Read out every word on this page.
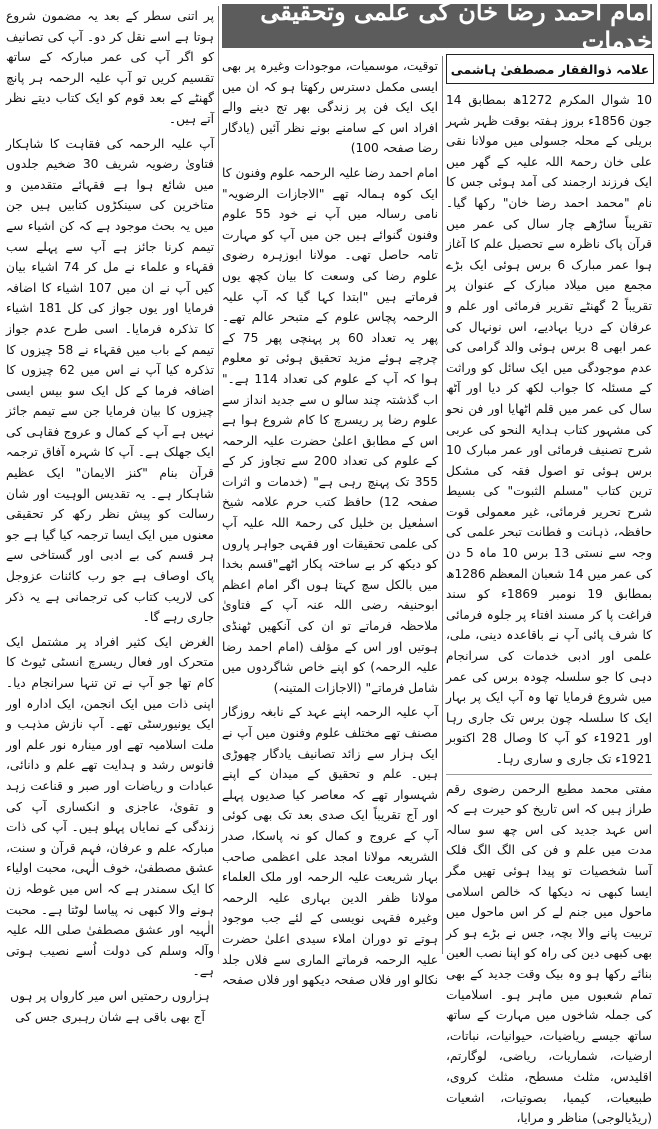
امام احمد رضا خان کی علمی وتحقیقی خدمات
علامہ ذوالفقار مصطفیٰ ہاشمی

10 شوال المکرم 1272ھ بمطابق 14 جون 1856ء بروز ہفتہ بوقت ظہر شہر بریلی کے محلہ جسولی میں مولانا نقی علی خان رحمۃ اللہ علیہ کے گھر میں ایک فرزند ارجمند کی آمد ہوئی جس کا نام "محمد احمد رضا خان" رکھا گیا۔ تقریباً ساڑھے چار سال کی عمر میں قرآن پاک ناظرہ سے تحصیل علم کا آغاز ہوا عمر مبارک 6 برس ہوئی ایک بڑے مجمع میں میلاد مبارک کے عنوان پر تقریباً 2 گھنٹے تقریر فرمائی اور علم و عرفان کے دریا بہادیے، اس نونہال کی عمر ابھی 8 برس ہوئی والد گرامی کی عدم موجودگی میں ایک سائل کو وراثت کے مسئلہ کا جواب لکھ کر دیا اور آٹھ سال کی عمر میں قلم اٹھایا اور فن نحو کی مشہور کتاب ہدایۃ النحو کی عربی شرح تصنیف فرمائی اور عمر مبارک 10 برس ہوئی تو اصول فقہ کی مشکل ترین کتاب "مسلم الثبوت" کی بسیط شرح تحریر فرمائی، غیر معمولی قوت حافظہ، ذہانت و فطانت تبحر علمی کی وجہ سے نستی 13 برس 10 ماہ 5 دن کی عمر میں 14 شعبان المعظم 1286ھ بمطابق 19 نومبر 1869ء کو سند فراغت پا کر مسند افتاء پر جلوہ فرمائی کا شرف پائی آپ نے باقاعدہ دینی، ملی، علمی اور ادبی خدمات کی سرانجام دہی کا جو سلسلہ چودہ برس کی عمر میں شروع فرمایا تھا وہ آپ ایک پر بہار ایک کا سلسلہ چون برس تک جاری رہا اور 1921ء کو آپ کا وصال 28 اکتوبر 1921ء تک جاری و ساری رہا۔

مفتی محمد مطیع الرحمن رضوی رقم طراز ہیں کہ اس تاریخ کو حیرت ہے کہ اس عہد جدید کی اس چھ سو سالہ مدت میں علم و فن کی الگ الگ فلک آسا شخصیات تو پیدا ہوئی تھیں مگر ایسا کبھی نہ دیکھا کہ خالص اسلامی ماحول میں جنم لے کر اس ماحول میں تربیت پانے والا بچہ، جس نے بڑے ہو کر بھی کبھی دین کی راہ کو اپنا نصب العین بنائے رکھا ہو وہ بیک وقت جدید کے بھی تمام شعبوں میں ماہر ہو۔ اسلامیات کی جملہ شاخوں میں مہارت کے ساتھ ساتھ جیسے ریاضیات، حیوانیات، نباتات، ارضیات، شماریات، ریاضی، لوگارتم، اقلیدس، مثلث مسطح، مثلث کروی، طبیعیات، کیمیا، بصوتیات، اشعیات (ریڈیالوجی) مناظر و مرایا،

توقیت، موسمیات، موجودات وغیرہ پر بھی ایسی مکمل دسترس رکھتا ہو کہ ان میں ایک ایک فن پر زندگی بھر تج دینے والے افراد اس کے سامنے بونے نظر آئیں (یادگار رضا صفحہ 100)

امام احمد رضا علیہ الرحمہ علوم وفنون کا ایک کوہ ہمالہ تھے "الاجازات الرضویہ" نامی رسالہ میں آپ نے خود 55 علوم وفنون گنوائے ہیں جن میں آپ کو مہارت تامہ حاصل تھی۔ مولانا ابوزہرہ رضوی علوم رضا کی وسعت کا بیان کچھ یوں فرماتے ہیں "ابتدا کہا گیا کہ آپ علیہ الرحمہ پچاس علوم کے متبحر عالم تھے۔ پھر یہ تعداد 60 پر پہنچی پھر 75 کے چرچے ہوئے مزید تحقیق ہوئی تو معلوم ہوا کہ آپ کے علوم کی تعداد 114 ہے۔" اب گذشتہ چند سالو ں سے جدید انداز سے علوم رضا پر ریسرچ کا کام شروع ہوا ہے اس کے مطابق اعلیٰ حضرت علیہ الرحمہ کے علوم کی تعداد 200 سے تجاوز کر کے 355 تک پہنچ رہی ہے" (خدمات و اثرات صفحہ 12) حافظ کتب حرم علامہ شیخ اسمٰعیل بن خلیل کی رحمۃ اللہ علیہ آپ کی علمی تحقیقات اور فقہی جواہر پاروں کو دیکھ کر بے ساختہ پکار اٹھے"قسم بخدا میں بالکل سچ کہتا ہوں اگر امام اعظم ابوحنیفہ رضی اللہ عنہ آپ کے فتاویٰ ملاحظہ فرماتے تو ان کی آنکھیں ٹھنڈی ہوتیں اور اس کے مؤلف (امام احمد رضا علیہ الرحمہ) کو اپنے خاص شاگردوں میں شامل فرماتے" (الاجازات المتینہ)

آپ علیہ الرحمہ اپنے عہد کے نابغہ روزگار مصنف تھے مختلف علوم وفنون میں آپ نے ایک ہزار سے زائد تصانیف یادگار چھوڑی ہیں۔ علم و تحقیق کے میدان کے اپنے شہسوار تھے کہ معاصر کیا صدیوں پہلے اور آج تقریباً ایک صدی بعد تک بھی کوئی آپ کے عروج و کمال کو نہ پاسکا، صدر الشریعہ مولانا امجد علی اعظمی صاحب بہار شریعت علیہ الرحمہ اور ملک العلماء مولانا ظفر الدین بہاری علیہ الرحمہ وغیرہ فقہی نویسی کے لئے جب موجود ہوتے تو دوران املاء سیدی اعلیٰ حضرت علیہ الرحمہ فرماتے الماری سے فلاں جلد نکالو اور فلاں صفحہ دیکھو اور فلاں صفحہ

پر اتنی سطر کے بعد یہ مضمون شروع ہوتا ہے اسے نقل کر دو۔ آپ کی تصانیف کو اگر آپ کی عمر مبارکہ کے ساتھ تقسیم کریں تو آپ علیہ الرحمہ ہر پانچ گھنٹے کے بعد قوم کو ایک کتاب دیتے نظر آتے ہیں۔

آپ علیہ الرحمہ کی فقاہت کا شاہکار فتاویٰ رضویہ شریف 30 ضخیم جلدوں میں شائع ہوا ہے فقہائے متقدمین و متاخرین کی سینکڑوں کتابیں ہیں جن میں یہ بحث موجود ہے کہ کن اشیاء سے تیمم کرنا جائز ہے آپ سے پہلے سب فقہاء و علماء نے مل کر 74 اشیاء بیان کیں آپ نے ان میں 107 اشیاء کا اضافہ فرمایا اور یوں جواز کی کل 181 اشیاء کا تذکرہ فرمایا۔ اسی طرح عدم جواز تیمم کے باب میں فقہاء نے 58 چیزوں کا تذکرہ کیا آپ نے اس میں 62 چیزوں کا اضافہ فرما کے کل ایک سو بیس ایسی چیزوں کا بیان فرمایا جن سے تیمم جائز نہیں ہے آپ کے کمال و عروج فقاہی کی ایک جھلک ہے۔ آپ کا شہرہ آفاق ترجمہ قرآن بنام "کنز الایمان" ایک عظیم شاہکار ہے۔ یہ تقدیس الوہیت اور شان رسالت کو پیش نظر رکھ کر تحقیقی معنوں میں ایک ایسا ترجمہ کیا گیا ہے جو ہر قسم کی بے ادبی اور گستاخی سے پاک اوصاف ہے جو رب کائنات عزوجل کی لاریب کتاب کی ترجمانی ہے یہ ذکر جاری رہے گا۔

الغرض ایک کثیر افراد پر مشتمل ایک متحرک اور فعال ریسرچ انسٹی ٹیوٹ کا کام تھا جو آپ نے تن تنہا سرانجام دیا۔ اپنی ذات میں ایک انجمن، ایک ادارہ اور ایک یونیورسٹی تھے۔ آپ نازش مذہب و ملت اسلامیہ تھے اور مینارہ نور علم اور فانوس رشد و ہدایت تھے علم و دانائی، عبادات و ریاضات اور صبر و قناعت زہد و تقویٰ، عاجزی و انکساری آپ کی زندگی کے نمایاں پہلو ہیں۔ آپ کی ذات مبارکہ علم و عرفان، فہم قرآن و سنت، عشق مصطفیٰ، خوف الٰہی، محبت اولیاء کا ایک سمندر ہے کہ اس میں غوطہ زن ہونے والا کبھی نہ پیاسا لوٹتا ہے۔ محبت الٰہیہ اور عشق مصطفیٰ صلی اللہ علیہ وآلہ وسلم کی دولت اُسے نصیب ہوتی ہے۔

ہزاروں رحمتیں اس میر کارواں پر ہوں

آج بھی باقی ہے شان رہبری جس کی
